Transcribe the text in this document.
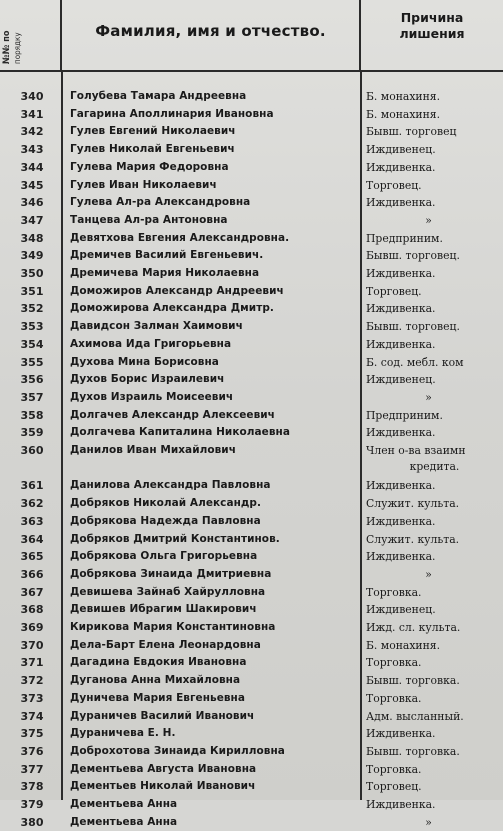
№№ по порядку
Фамилия, имя и отчество.
Причина
лишения
340	Голубева Тамара Андреевна	Б. монахиня.
341	Гагарина Аполлинария Ивановна	Б. монахиня.
342	Гулев Евгений Николаевич	Бывш. торговец
343	Гулев Николай Евгеньевич	Иждивенец.
344	Гулева Мария Федоровна	Иждивенка.
345	Гулев Иван Николаевич	Торговец.
346	Гулева Ал-ра Александровна	Иждивенка.
347	Танцева Ал-ра Антоновна	»
348	Девятхова Евгения Александровна.	Предприним.
349	Дремичев Василий Евгеньевич.	Бывш. торговец.
350	Дремичева Мария Николаевна	Иждивенка.
351	Доможиров Александр Андреевич	Торговец.
352	Доможирова Александра Дмитр.	Иждивенка.
353	Давидсон Залман Хаимович	Бывш. торговец.
354	Ахимова Ида Григорьевна	Иждивенка.
355	Духова Мина Борисовна	Б. сод. мебл. ком
356	Духов Борис Израилевич	Иждивенец.
357	Духов Израиль Моисеевич	»
358	Долгачев Александр Алексеевич	Предприним.
359	Долгачева Капиталина Николаевна	Иждивенка.
360	Данилов Иван Михайлович	Член о-ва взаимн
кредита.
361	Данилова Александра Павловна	Иждивенка.
362	Добряков Николай Александр.	Служит. культа.
363	Добрякова Надежда Павловна	Иждивенка.
364	Добряков Дмитрий Константинов.	Служит. культа.
365	Добрякова Ольга Григорьевна	Иждивенка.
366	Добрякова Зинаида Дмитриевна	»
367	Девишева Зайнаб Хайрулловна	Торговка.
368	Девишев Ибрагим Шакирович	Иждивенец.
369	Кирикова Мария Константиновна	Ижд. сл. культа.
370	Дела-Барт Елена Леонардовна	Б. монахиня.
371	Дагадина Евдокия Ивановна	Торговка.
372	Дуганова Анна Михайловна	Бывш. торговка.
373	Дуничева Мария Евгеньевна	Торговка.
374	Дураничев Василий Иванович	Адм. высланный.
375	Дураничева Е. Н.	Иждивенка.
376	Доброхотова Зинаида Кирилловна	Бывш. торговка.
377	Дементьева Августа Ивановна	Торговка.
378	Дементьев Николай Иванович	Торговец.
379	Дементьева Анна	Иждивенка.
380	Дементьева Анна	»
